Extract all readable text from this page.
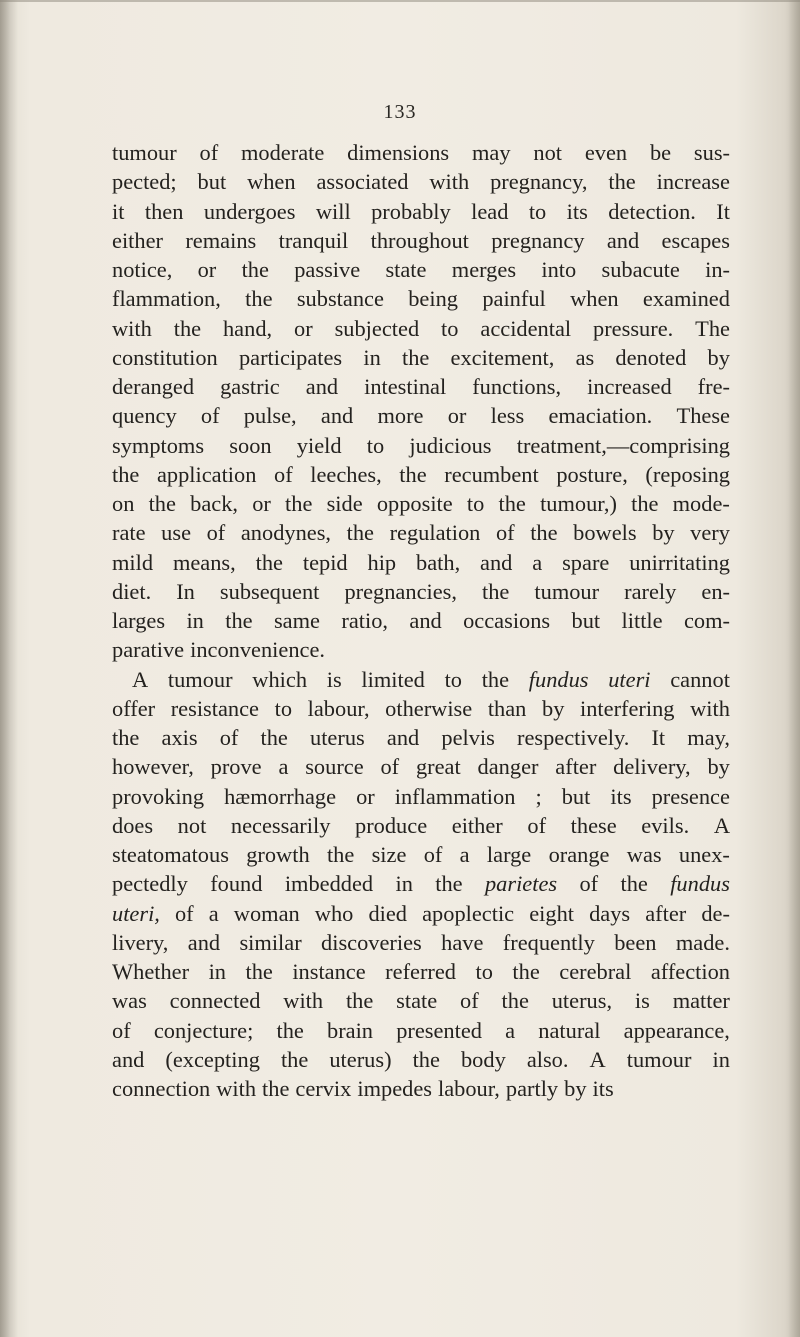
133
tumour of moderate dimensions may not even be sus-
pected; but when associated with pregnancy, the increase
it then undergoes will probably lead to its detection. It
either remains tranquil throughout pregnancy and escapes
notice, or the passive state merges into subacute in-
flammation, the substance being painful when examined
with the hand, or subjected to accidental pressure. The
constitution participates in the excitement, as denoted by
deranged gastric and intestinal functions, increased fre-
quency of pulse, and more or less emaciation. These
symptoms soon yield to judicious treatment,—comprising
the application of leeches, the recumbent posture, (reposing
on the back, or the side opposite to the tumour,) the mode-
rate use of anodynes, the regulation of the bowels by very
mild means, the tepid hip bath, and a spare unirritating
diet. In subsequent pregnancies, the tumour rarely en-
larges in the same ratio, and occasions but little com-
parative inconvenience.
A tumour which is limited to the fundus uteri cannot
offer resistance to labour, otherwise than by interfering with
the axis of the uterus and pelvis respectively. It may,
however, prove a source of great danger after delivery, by
provoking hæmorrhage or inflammation ; but its presence
does not necessarily produce either of these evils. A
steatomatous growth the size of a large orange was unex-
pectedly found imbedded in the parietes of the fundus
uteri, of a woman who died apoplectic eight days after de-
livery, and similar discoveries have frequently been made.
Whether in the instance referred to the cerebral affection
was connected with the state of the uterus, is matter
of conjecture; the brain presented a natural appearance,
and (excepting the uterus) the body also. A tumour in
connection with the cervix impedes labour, partly by its
